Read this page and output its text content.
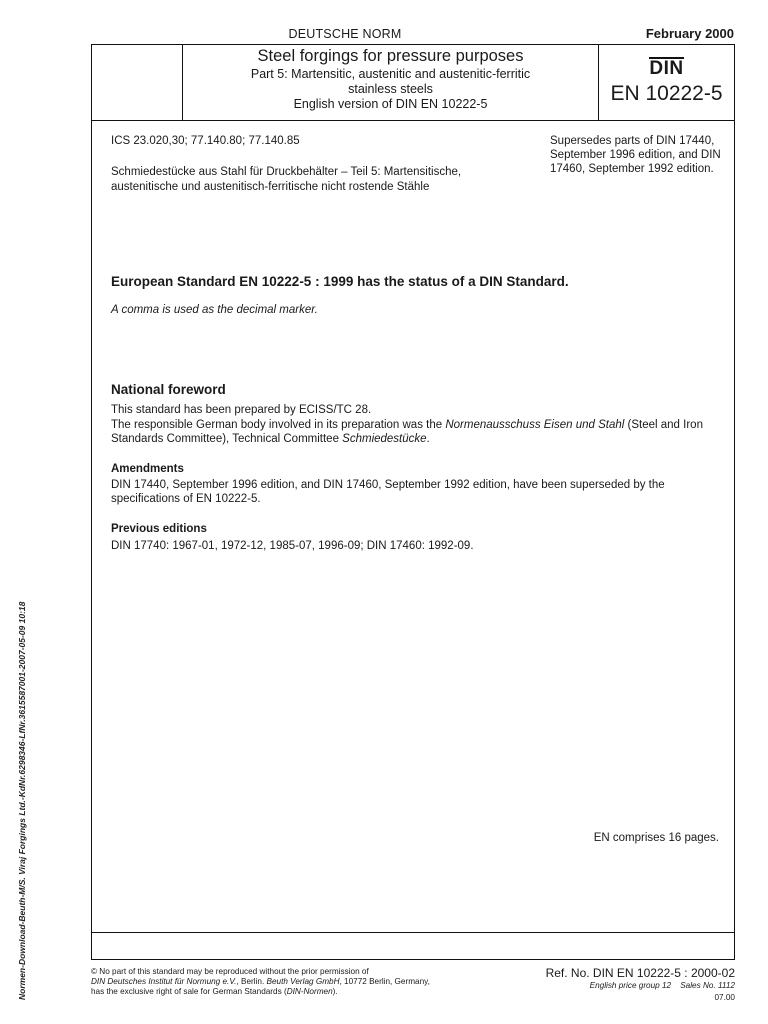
DEUTSCHE NORM	February 2000
Steel forgings for pressure purposes
Part 5: Martensitic, austenitic and austenitic-ferritic
stainless steels
English version of DIN EN 10222-5
DIN
EN 10222-5
ICS 23.020,30; 77.140.80; 77.140.85
Schmiedestücke aus Stahl für Druckbehälter – Teil 5: Martensitische, austenitische und austenitisch-ferritische nicht rostende Stähle
Supersedes parts of DIN 17440, September 1996 edition, and DIN 17460, September 1992 edition.
European Standard EN 10222-5 : 1999 has the status of a DIN Standard.
A comma is used as the decimal marker.
National foreword
This standard has been prepared by ECISS/TC 28.
The responsible German body involved in its preparation was the Normenausschuss Eisen und Stahl (Steel and Iron Standards Committee), Technical Committee Schmiedestücke.
Amendments
DIN 17440, September 1996 edition, and DIN 17460, September 1992 edition, have been superseded by the specifications of EN 10222-5.
Previous editions
DIN 17740: 1967-01, 1972-12, 1985-07, 1996-09; DIN 17460: 1992-09.
EN comprises 16 pages.
© No part of this standard may be reproduced without the prior permission of
DIN Deutsches Institut für Normung e.V., Berlin. Beuth Verlag GmbH, 10772 Berlin, Germany,
has the exclusive right of sale for German Standards (DIN-Normen).
Ref. No. DIN EN 10222-5 : 2000-02
English price group 12 Sales No. 1112
07.00
Normen-Download-Beuth-M/S. Viraj Forgings Ltd.-KdNr.6298346-LfNr.3615587001-2007-05-09 10:18
